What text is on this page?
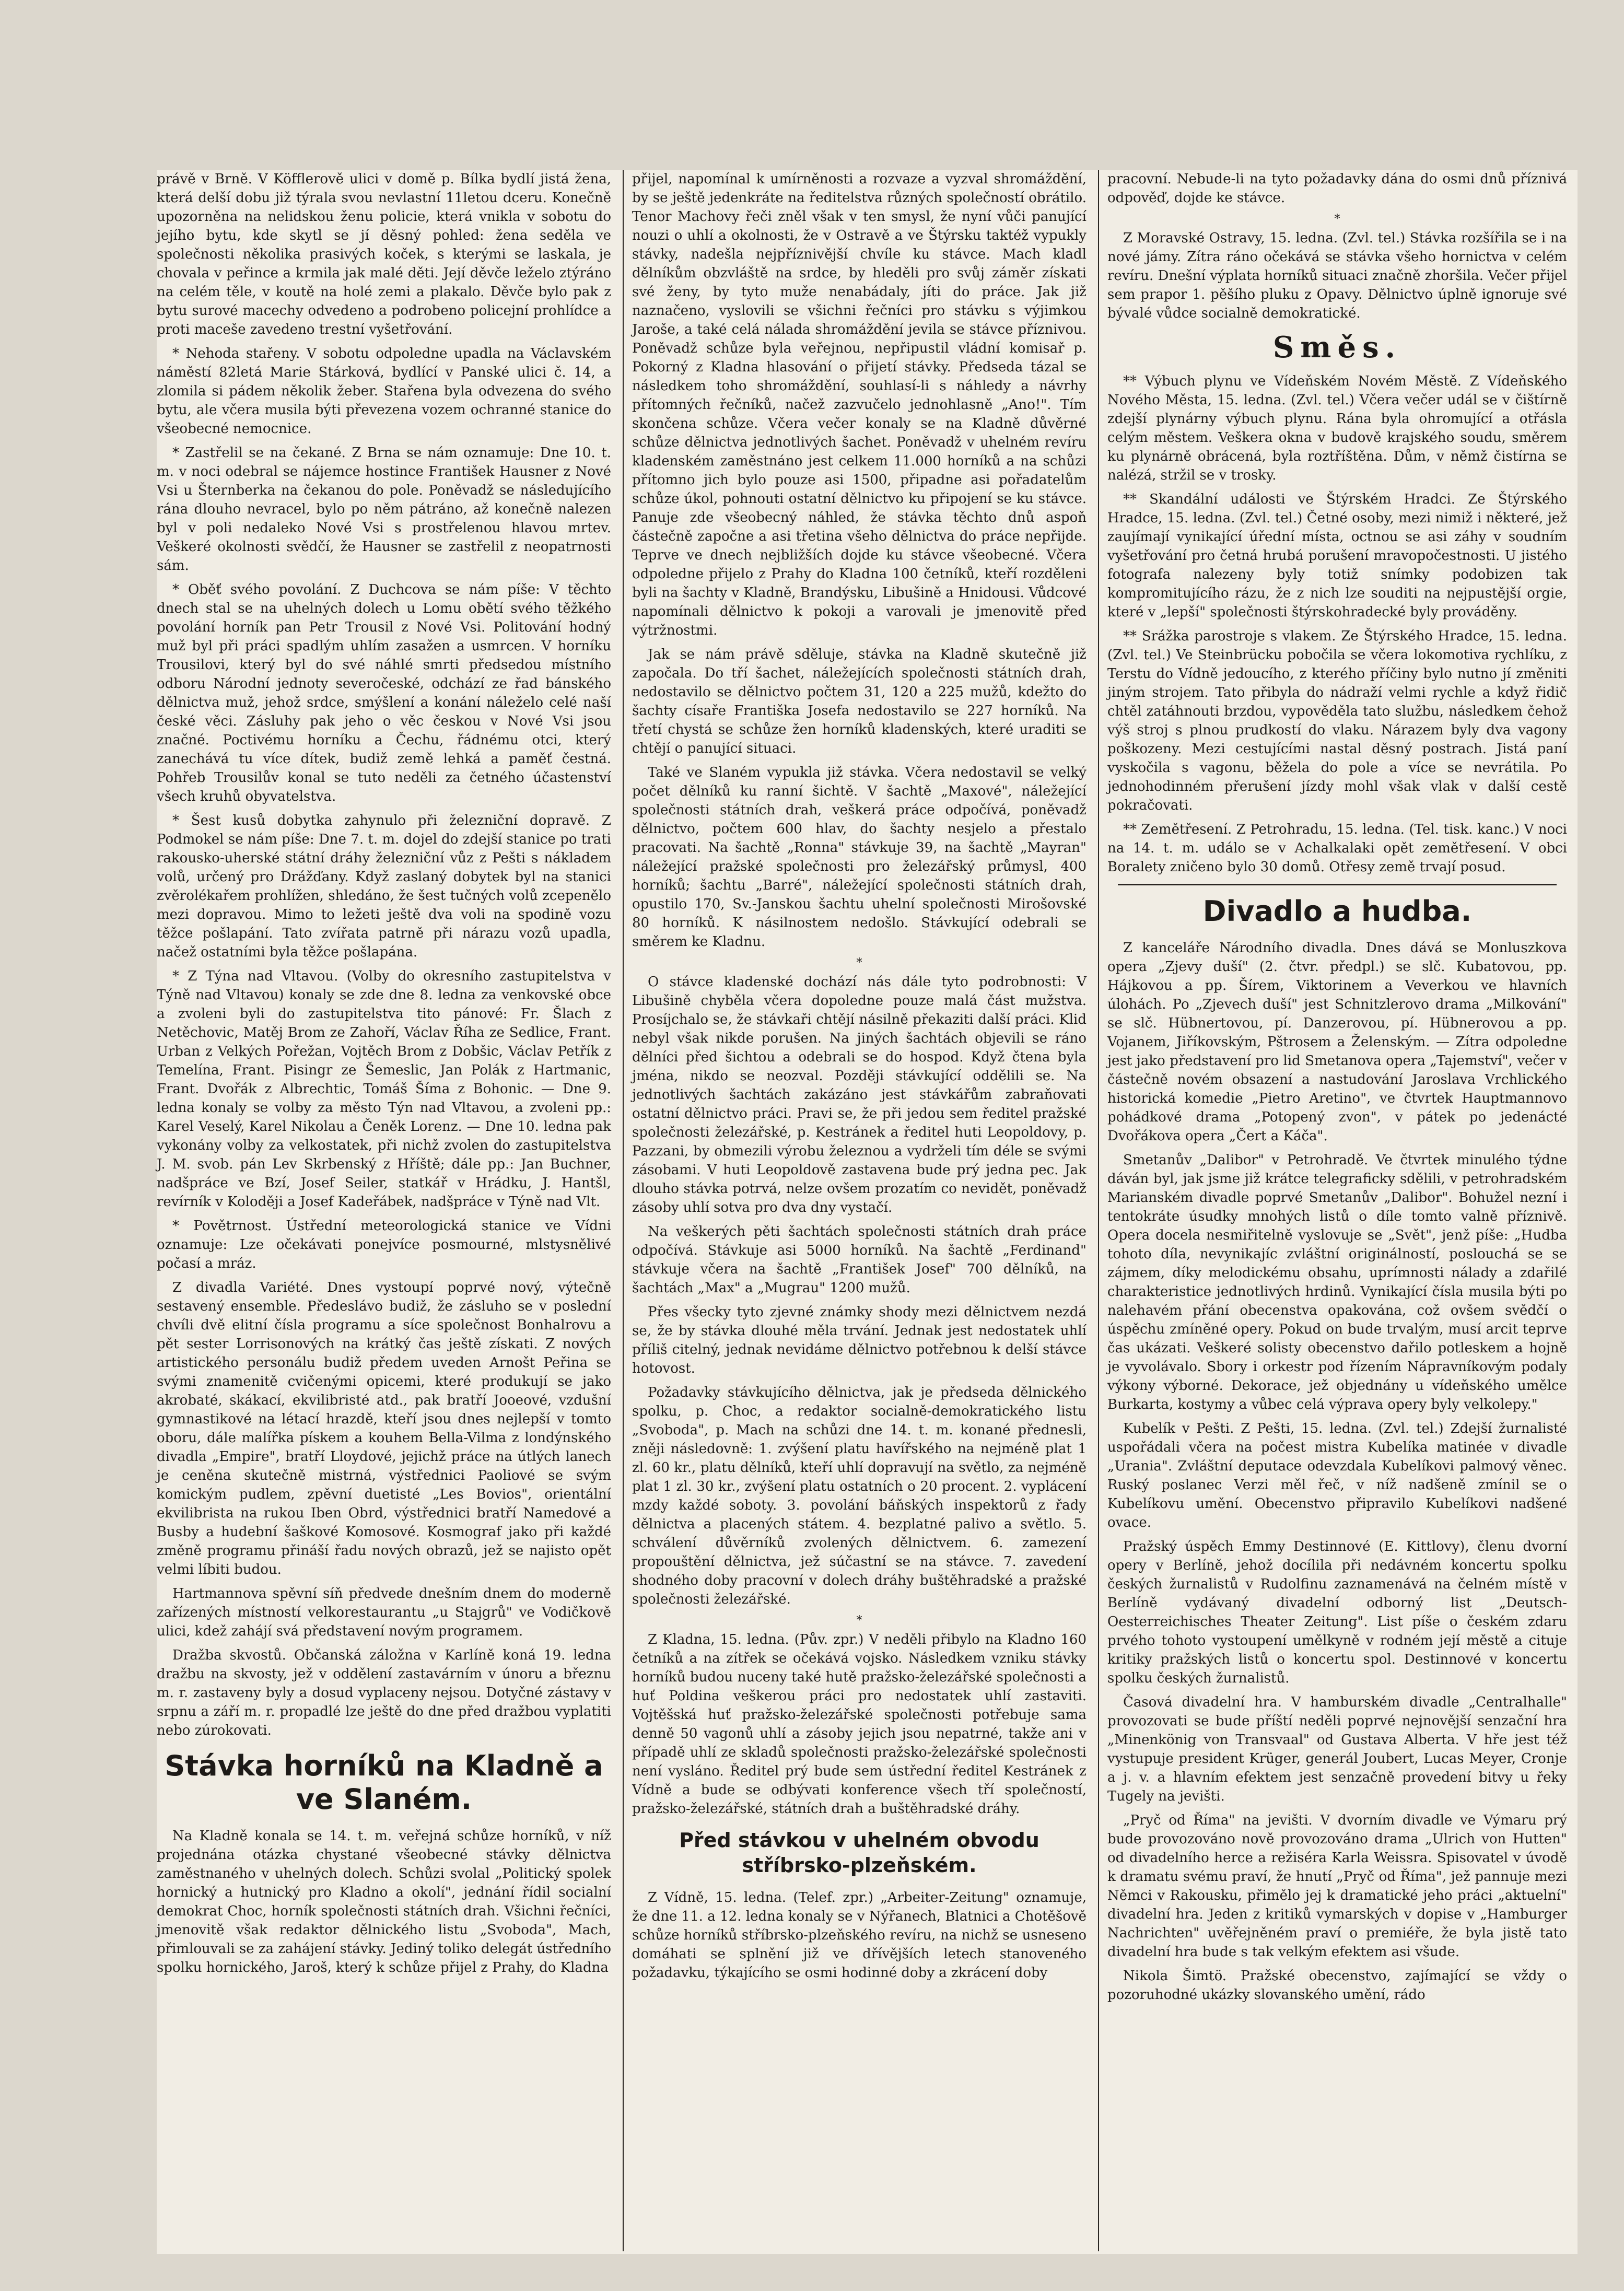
právě v Brně. V Köfflerově ulici v domě p. Bílka bydlí jistá žena, která delší dobu již týrala svou nevlastní 11letou dceru. Konečně upozorněna na nelidskou ženu policie, která vnikla v sobotu do jejího bytu, kde skytl se jí děsný pohled: žena seděla ve společnosti několika prasivých koček, s kterými se laskala, je chovala v peřince a krmila jak malé děti. Její děvče leželo ztýráno na celém těle, v koutě na holé zemi a plakalo. Děvče bylo pak z bytu surové macechy odvedeno a podrobeno policejní prohlídce a proti maceše zavedeno trestní vyšetřování.

* Nehoda stařeny. V sobotu odpoledne upadla na Václavském náměstí 82letá Marie Stárková, bydlící v Panské ulici č. 14, a zlomila si pádem několik žeber. Stařena byla odvezena do svého bytu, ale včera musila býti převezena vozem ochranné stanice do všeobecné nemocnice.

* Zastřelil se na čekané. Z Brna se nám oznamuje: Dne 10. t. m. v noci odebral se nájemce hostince František Hausner z Nové Vsi u Šternberka na čekanou do pole. Poněvadž se následujícího rána dlouho nevracel, bylo po něm pátráno, až konečně nalezen byl v poli nedaleko Nové Vsi s prostřelenou hlavou mrtev. Veškeré okolnosti svědčí, že Hausner se zastřelil z neopatrnosti sám.

* Oběť svého povolání. Z Duchcova se nám píše: V těchto dnech stal se na uhelných dolech u Lomu obětí svého těžkého povolání horník pan Petr Trousil z Nové Vsi. Politování hodný muž byl při práci spadlým uhlím zasažen a usmrcen. V horníku Trousilovi, který byl do své náhlé smrti předsedou místního odboru Národní jednoty severočeské, odchází ze řad bánského dělnictva muž, jehož srdce, smýšlení a konání náleželo celé naší české věci. Zásluhy pak jeho o věc českou v Nové Vsi jsou značné. Poctivému horníku a Čechu, řádnému otci, který zanechává tu více dítek, budiž země lehká a paměť čestná. Pohřeb Trousilův konal se tuto neděli za četného účastenství všech kruhů obyvatelstva.

* Šest kusů dobytka zahynulo při železniční dopravě. Z Podmokel se nám píše: Dne 7. t. m. dojel do zdejší stanice po trati rakousko-uherské státní dráhy železniční vůz z Pešti s nákladem volů, určený pro Drážďany. Když zaslaný dobytek byl na stanici zvěrolékařem prohlížen, shledáno, že šest tučných volů zcepenělo mezi dopravou. Mimo to ležeti ještě dva voli na spodině vozu těžce pošlapání. Tato zvířata patrně při nárazu vozů upadla, načež ostatními byla těžce pošlapána.

* Z Týna nad Vltavou. (Volby do okresního zastupitelstva v Týně nad Vltavou) konaly se zde dne 8. ledna za venkovské obce a zvoleni byli do zastupitelstva tito pánové: Fr. Šlach z Netěchovic, Matěj Brom ze Zahoří, Václav Říha ze Sedlice, Frant. Urban z Velkých Pořežan, Vojtěch Brom z Dobšic, Václav Petřík z Temelína, Frant. Pisingr ze Šemeslic, Jan Polák z Hartmanic, Frant. Dvořák z Albrechtic, Tomáš Šíma z Bohonic. — Dne 9. ledna konaly se volby za město Týn nad Vltavou, a zvoleni pp.: Karel Veselý, Karel Nikolau a Čeněk Lorenz. — Dne 10. ledna pak vykonány volby za velkostatek, při nichž zvolen do zastupitelstva J. M. svob. pán Lev Skrbenský z Hříště; dále pp.: Jan Buchner, nadšpráce ve Bzí, Josef Seiler, statkář v Hrádku, J. Hantšl, revírník v Koloději a Josef Kadeřábek, nadšpráce v Týně nad Vlt.

* Povětrnost. Ústřední meteorologická stanice ve Vídni oznamuje: Lze očekávati ponejvíce posmourné, mlstysnělivé počasí a mráz.

Z divadla Variété. Dnes vystoupí poprvé nový, výtečně sestavený ensemble. Předeslávo budiž, že zásluho se v poslední chvíli dvě elitní čísla programu a síce společnost Bonhalrovu a pět sester Lorrisonových na krátký čas ještě získati. Z nových artistického personálu budiž předem uveden Arnošt Peřina se svými znamenitě cvičenými opicemi, které produkují se jako akrobaté, skákací, ekvilibristé atd., pak bratří Jooeové, vzdušní gymnastikové na létací hrazdě, kteří jsou dnes nejlepší v tomto oboru, dále malířka pískem a kouhem Bella-Vilma z londýnského divadla „Empire", bratří Lloydové, jejichž práce na útlých lanech je ceněna skutečně mistrná, výstřednici Paoliové se svým komickým pudlem, zpěvní duetisté „Les Bovios", orientální ekvilibrista na rukou Iben Obrd, výstřednici bratří Namedové a Busby a hudební šaškové Komosové. Kosmograf jako při každé změně programu přináší řadu nových obrazů, jež se najisto opět velmi líbiti budou.

Hartmannova spěvní síň předvede dnešním dnem do moderně zařízených místností velkorestaurantu „u Stajgrů" ve Vodičkově ulici, kdež zahájí svá představení novým programem.

Dražba skvostů. Občanská záložna v Karlíně koná 19. ledna dražbu na skvosty, jež v oddělení zastavárním v únoru a březnu m. r. zastaveny byly a dosud vyplaceny nejsou. Dotyčné zástavy v srpnu a září m. r. propadlé lze ještě do dne před dražbou vyplatiti nebo zúrokovati.

Stávka horníků na Kladně a ve Slaném.

Na Kladně konala se 14. t. m. veřejná schůze horníků, v níž projednána otázka chystané všeobecné stávky dělnictva zaměstnaného v uhelných dolech. Schůzi svolal „Politický spolek hornický a hutnický pro Kladno a okolí", jednání řídil socialní demokrat Choc, horník společnosti státních drah. Všichni řečníci, jmenovitě však redaktor dělnického listu „Svoboda", Mach, přimlouvali se za zahájení stávky. Jediný toliko delegát ústředního spolku hornického, Jaroš, který k schůze přijel z Prahy, do Kladna

přijel, napomínal k umírněnosti a rozvaze a vyzval shromáždění, by se ještě jedenkráte na ředitelstva různých společností obrátilo. Tenor Machovy řeči zněl však v ten smysl, že nyní vůči panující nouzi o uhlí a okolnosti, že v Ostravě a ve Štýrsku taktéž vypukly stávky, nadešla nejpříznivější chvíle ku stávce. Mach kladl dělníkům obzvláště na srdce, by hleděli pro svůj záměr získati své ženy, by tyto muže nenabádaly, jíti do práce. Jak již naznačeno, vyslovili se všichni řečníci pro stávku s výjimkou Jaroše, a také celá nálada shromáždění jevila se stávce příznivou. Poněvadž schůze byla veřejnou, nepřipustil vládní komisař p. Pokorný z Kladna hlasování o přijetí stávky. Předseda tázal se následkem toho shromáždění, souhlasí-li s náhledy a návrhy přítomných řečníků, načež zazvučelo jednohlasně „Ano!". Tím skončena schůze. Včera večer konaly se na Kladně důvěrné schůze dělnictva jednotlivých šachet. Poněvadž v uhelném revíru kladenském zaměstnáno jest celkem 11.000 horníků a na schůzi přítomno jich bylo pouze asi 1500, připadne asi pořadatelům schůze úkol, pohnouti ostatní dělnictvo ku připojení se ku stávce. Panuje zde všeobecný náhled, že stávka těchto dnů aspoň částečně započne a asi třetina všeho dělnictva do práce nepřijde. Teprve ve dnech nejbližších dojde ku stávce všeobecné. Včera odpoledne přijelo z Prahy do Kladna 100 četníků, kteří rozděleni byli na šachty v Kladně, Brandýsku, Libušině a Hnidousi. Vůdcové napomínali dělnictvo k pokoji a varovali je jmenovitě před výtržnostmi.

Jak se nám právě sděluje, stávka na Kladně skutečně již započala. Do tří šachet, náležejících společnosti státních drah, nedostavilo se dělnictvo počtem 31, 120 a 225 mužů, kdežto do šachty císaře Františka Josefa nedostavilo se 227 horníků. Na třetí chystá se schůze žen horníků kladenských, které uraditi se chtějí o panující situaci.

Také ve Slaném vypukla již stávka. Včera nedostavil se velký počet dělníků ku ranní šichtě. V šachtě „Maxové", náležející společnosti státních drah, veškerá práce odpočívá, poněvadž dělnictvo, počtem 600 hlav, do šachty nesjelo a přestalo pracovati. Na šachtě „Ronna" stávkuje 39, na šachtě „Mayran" náležející pražské společnosti pro železářský průmysl, 400 horníků; šachtu „Barré", náležející společnosti státních drah, opustilo 170, Sv.-Janskou šachtu uhelní společnosti Mirošovské 80 horníků. K násilnostem nedošlo. Stávkující odebrali se směrem ke Kladnu.

*

O stávce kladenské dochází nás dále tyto podrobnosti: V Libušině chyběla včera dopoledne pouze malá část mužstva. Prosíjchalo se, že stávkaři chtějí násilně překaziti další práci. Klid nebyl však nikde porušen. Na jiných šachtách objevili se ráno dělníci před šichtou a odebrali se do hospod. Když čtena byla jména, nikdo se neozval. Později stávkující oddělili se. Na jednotlivých šachtách zakázáno jest stávkářům zabraňovati ostatní dělnictvo práci. Pravi se, že při jedou sem ředitel pražské společnosti železářské, p. Kestránek a ředitel huti Leopoldovy, p. Pazzani, by obmezili výrobu železnou a vydrželi tím déle se svými zásobami. V huti Leopoldově zastavena bude prý jedna pec. Jak dlouho stávka potrvá, nelze ovšem prozatím co nevidět, poněvadž zásoby uhlí sotva pro dva dny vystačí.

Na veškerých pěti šachtách společnosti státních drah práce odpočívá. Stávkuje asi 5000 horníků. Na šachtě „Ferdinand" stávkuje včera na šachtě „František Josef" 700 dělníků, na šachtách „Max" a „Mugrau" 1200 mužů.

Přes všecky tyto zjevné známky shody mezi dělnictvem nezdá se, že by stávka dlouhé měla trvání. Jednak jest nedostatek uhlí příliš citelný, jednak nevidáme dělnictvo potřebnou k delší stávce hotovost.

Požadavky stávkujícího dělnictva, jak je předseda dělnického spolku, p. Choc, a redaktor socialně-demokratického listu „Svoboda", p. Mach na schůzi dne 14. t. m. konané přednesli, zněji následovně: 1. zvýšení platu havířského na nejméně plat 1 zl. 60 kr., platu dělníků, kteří uhlí dopravují na světlo, za nejméně plat 1 zl. 30 kr., zvýšení platu ostatních o 20 procent. 2. vyplácení mzdy každé soboty. 3. povolání báňských inspektorů z řady dělnictva a placených státem. 4. bezplatné palivo a světlo. 5. schválení důvěrníků zvolených dělnictvem. 6. zamezení propouštění dělnictva, jež súčastní se na stávce. 7. zavedení shodného doby pracovní v dolech dráhy buštěhradské a pražské společnosti železářské.

*

Z Kladna, 15. ledna. (Pův. zpr.) V neděli přibylo na Kladno 160 četníků a na zítřek se očekává vojsko. Následkem vzniku stávky horníků budou nuceny také hutě pražsko-železářské společnosti a huť Poldina veškerou práci pro nedostatek uhlí zastaviti. Vojtěšská huť pražsko-železářské společnosti potřebuje sama denně 50 vagonů uhlí a zásoby jejich jsou nepatrné, takže ani v případě uhlí ze skladů společnosti pražsko-železářské společnosti není vysláno. Ředitel prý bude sem ústřední ředitel Kestránek z Vídně a bude se odbývati konference všech tří společností, pražsko-železářské, státních drah a buštěhradské dráhy.

Před stávkou v uhelném obvodu stříbrsko-plzeňském.

Z Vídně, 15. ledna. (Telef. zpr.) „Arbeiter-Zeitung" oznamuje, že dne 11. a 12. ledna konaly se v Nýřanech, Blatnici a Chotěšově schůze horníků stříbrsko-plzeňského revíru, na nichž se usneseno domáhati se splnění již ve dřívějších letech stanoveného požadavku, týkajícího se osmi hodinné doby a zkrácení doby

pracovní. Nebude-li na tyto požadavky dána do osmi dnů příznivá odpověď, dojde ke stávce.

*

Z Moravské Ostravy, 15. ledna. (Zvl. tel.) Stávka rozšířila se i na nové jámy. Zítra ráno očekává se stávka všeho hornictva v celém revíru. Dnešní výplata horníků situaci značně zhoršila. Večer přijel sem prapor 1. pěšího pluku z Opavy. Dělnictvo úplně ignoruje své bývalé vůdce socialně demokratické.

Směs.

** Výbuch plynu ve Vídeňském Novém Městě. Z Vídeňského Nového Města, 15. ledna. (Zvl. tel.) Včera večer udál se v čištírně zdejší plynárny výbuch plynu. Rána byla ohromující a otřásla celým městem. Veškera okna v budově krajského soudu, směrem ku plynárně obrácená, byla roztříštěna. Dům, v němž čistírna se nalézá, stržil se v trosky.

** Skandální události ve Štýrském Hradci. Ze Štýrského Hradce, 15. ledna. (Zvl. tel.) Četné osoby, mezi nimiž i některé, jež zaujímají vynikající úřední místa, octnou se asi záhy v soudním vyšetřování pro četná hrubá porušení mravopočestnosti. U jistého fotografa nalezeny byly totiž snímky podobizen tak kompromitujícího rázu, že z nich lze souditi na nejpustější orgie, které v „lepší" společnosti štýrskohradecké byly prováděny.

** Srážka parostroje s vlakem. Ze Štýrského Hradce, 15. ledna. (Zvl. tel.) Ve Steinbrücku pobočila se včera lokomotiva rychlíku, z Terstu do Vídně jedoucího, z kterého příčiny bylo nutno jí změniti jiným strojem. Tato přibyla do nádraží velmi rychle a když řidič chtěl zatáhnouti brzdou, vypověděla tato službu, následkem čehož výš stroj s plnou prudkostí do vlaku. Nárazem byly dva vagony poškozeny. Mezi cestujícími nastal děsný postrach. Jistá paní vyskočila s vagonu, běžela do pole a více se nevrátila. Po jednohodinném přerušení jízdy mohl však vlak v další cestě pokračovati.

** Zemětřesení. Z Petrohradu, 15. ledna. (Tel. tisk. kanc.) V noci na 14. t. m. událo se v Achalkalaki opět zemětřesení. V obci Boralety zničeno bylo 30 domů. Otřesy země trvají posud.

Divadlo a hudba.

Z kanceláře Národního divadla. Dnes dává se Monluszkova opera „Zjevy duší" (2. čtvr. předpl.) se slč. Kubatovou, pp. Hájkovou a pp. Šírem, Viktorinem a Veverkou ve hlavních úlohách. Po „Zjevech duší" jest Schnitzlerovo drama „Milkování" se slč. Hübnertovou, pí. Danzerovou, pí. Hübnerovou a pp. Vojanem, Jiříkovským, Pštrosem a Želenským. — Zítra odpoledne jest jako představení pro lid Smetanova opera „Tajemství", večer v částečně novém obsazení a nastudování Jaroslava Vrchlického historická komedie „Pietro Aretino", ve čtvrtek Hauptmannovo pohádkové drama „Potopený zvon", v pátek po jedenácté Dvořákova opera „Čert a Káča".

Smetanův „Dalibor" v Petrohradě. Ve čtvrtek minulého týdne dáván byl, jak jsme již krátce telegraficky sdělili, v petrohradském Marianském divadle poprvé Smetanův „Dalibor". Bohužel nezní i tentokráte úsudky mnohých listů o díle tomto valně příznivě. Opera docela nesmiřitelně vyslovuje se „Svět", jenž píše: „Hudba tohoto díla, nevynikajíc zvláštní originálností, poslouchá se se zájmem, díky melodickému obsahu, uprímnosti nálady a zdařilé charakteristice jednotlivých hrdinů. Vynikající čísla musila býti po nalehavém přání obecenstva opakována, což ovšem svědčí o úspěchu zmíněné opery. Pokud on bude trvalým, musí arcit teprve čas ukázati. Veškeré solisty obecenstvo dařilo potleskem a hojně je vyvolávalo. Sbory i orkestr pod řízením Nápravníkovým podaly výkony výborné. Dekorace, jež objednány u vídeňského umělce Burkarta, kostymy a vůbec celá výprava opery byly velkolepy."

Kubelík v Pešti. Z Pešti, 15. ledna. (Zvl. tel.) Zdejší žurnalisté uspořádali včera na počest mistra Kubelíka matinée v divadle „Urania". Zvláštní deputace odevzdala Kubelíkovi palmový věnec. Ruský poslanec Verzi měl řeč, v níž nadšeně zmínil se o Kubelíkovu umění. Obecenstvo připravilo Kubelíkovi nadšené ovace.

Pražský úspěch Emmy Destinnové (E. Kittlovy), členu dvorní opery v Berlíně, jehož docílila při nedávném koncertu spolku českých žurnalistů v Rudolfinu zaznamenává na čelném místě v Berlíně vydávaný divadelní odborný list „Deutsch-Oesterreichisches Theater Zeitung". List píše o českém zdaru prvého tohoto vystoupení umělkyně v rodném její městě a cituje kritiky pražských listů o koncertu spol. Destinnové v koncertu spolku českých žurnalistů.

Časová divadelní hra. V hamburském divadle „Centralhalle" provozovati se bude příští neděli poprvé nejnovější senzační hra „Minenkönig von Transvaal" od Gustava Alberta. V hře jest též vystupuje president Krüger, generál Joubert, Lucas Meyer, Cronje a j. v. a hlavním efektem jest senzačně provedení bitvy u řeky Tugely na jevišti.

„Pryč od Říma" na jevišti. V dvorním divadle ve Výmaru prý bude provozováno nově provozováno drama „Ulrich von Hutten" od divadelního herce a režiséra Karla Weissra. Spisovatel v úvodě k dramatu svému praví, že hnutí „Pryč od Říma", jež pannuje mezi Němci v Rakousku, přimělo jej k dramatické jeho práci „aktuelní" divadelní hra. Jeden z kritiků vymarských v dopise v „Hamburger Nachrichten" uvěřejněném praví o premiéře, že byla jistě tato divadelní hra bude s tak velkým efektem asi všude.

Nikola Šimtö. Pražské obecenstvo, zajímající se vždy o pozoruhodné ukázky slovanského umění, rádo
